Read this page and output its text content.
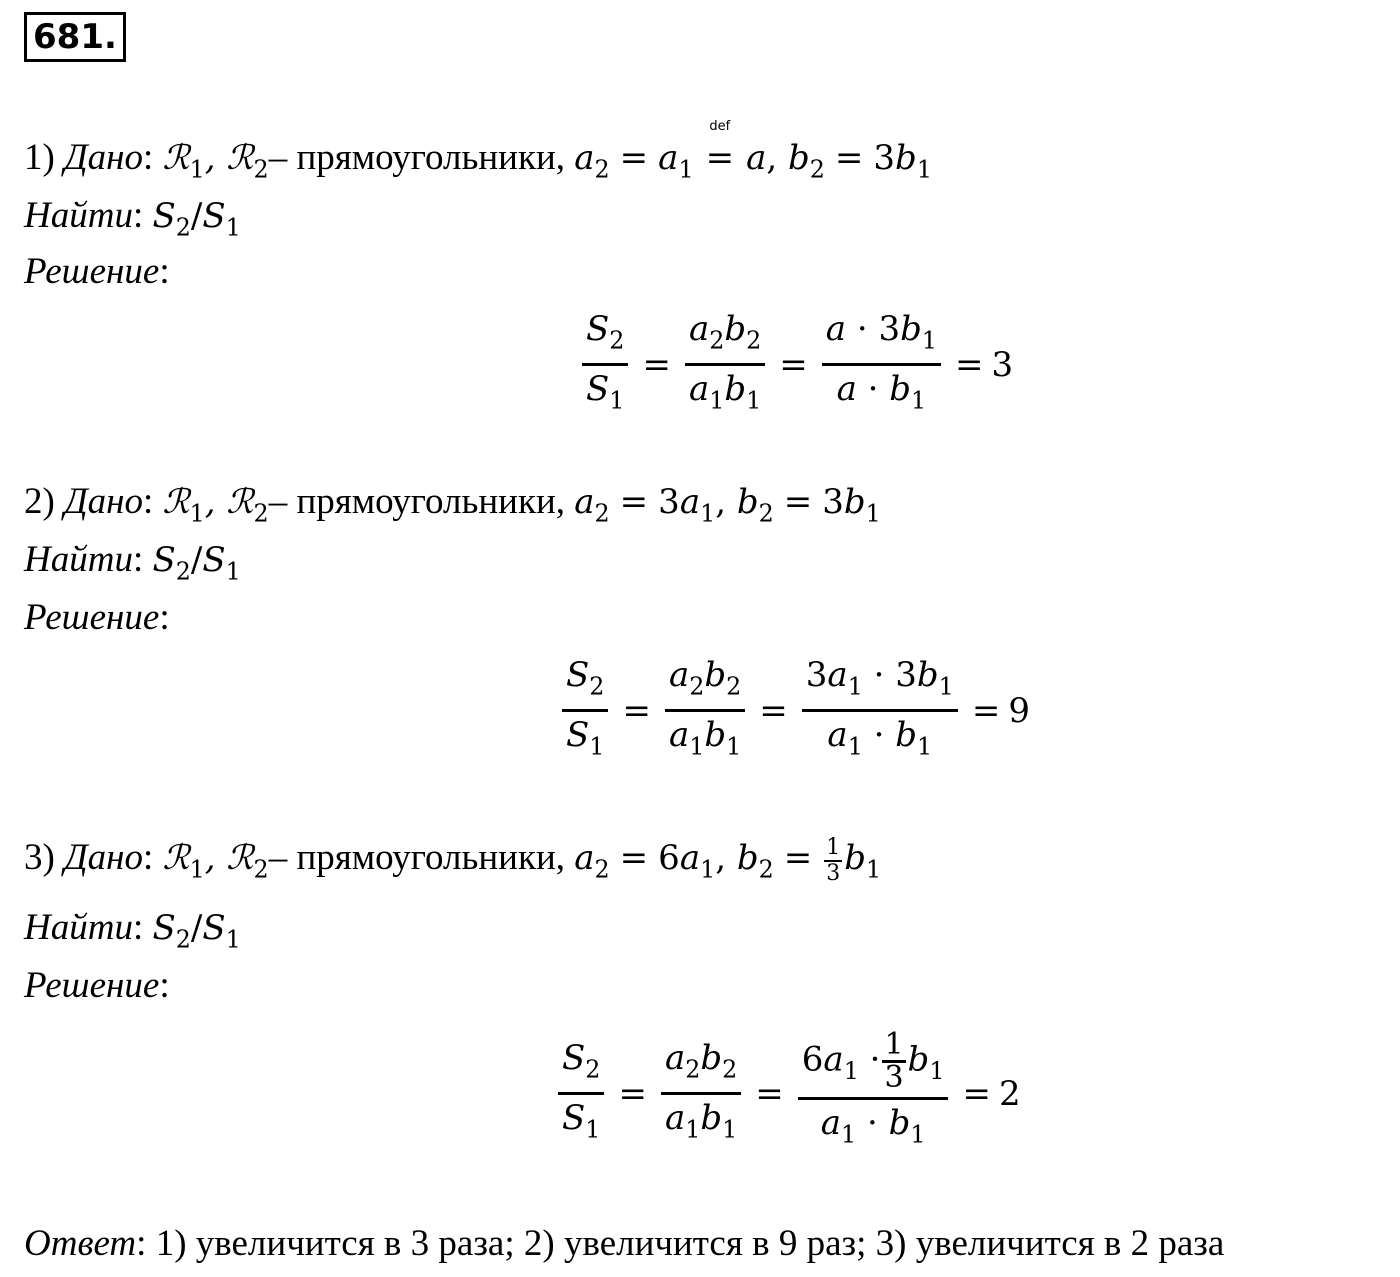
681.
1) Дано: ℛ$_1$, ℛ$_2$– прямоугольники, $a_2 = a_1$
def
= a, $b_2 = 3b_1$
Найти: $S_2/S_1$
Решение:
$\frac{S_2}{S_1} = \frac{a_2b_2}{a_1b_1} = \frac{a \cdot 3b_1}{a \cdot b_1} = 3$
2) Дано: ℛ$_1$, ℛ$_2$– прямоугольники, $a_2 = 3a_1$, $b_2 = 3b_1$
Найти: $S_2/S_1$
Решение:
$\frac{S_2}{S_1} = \frac{a_2b_2}{a_1b_1} = \frac{3a_1 \cdot 3b_1}{a_1 \cdot b_1} = 9$
3) Дано: ℛ$_1$, ℛ$_2$– прямоугольники, $a_2 = 6a_1$, $b_2 = \frac{1}{3} b_1$
Найти: $S_2/S_1$
Решение:
$\frac{S_2}{S_1} = \frac{a_2b_2}{a_1b_1} = \frac{6a_1 \cdot \frac{1}{3} b_1}{a_1 \cdot b_1} = 2$
Ответ: 1) увеличится в 3 раза; 2) увеличится в 9 раз; 3) увеличится в 2 раза
